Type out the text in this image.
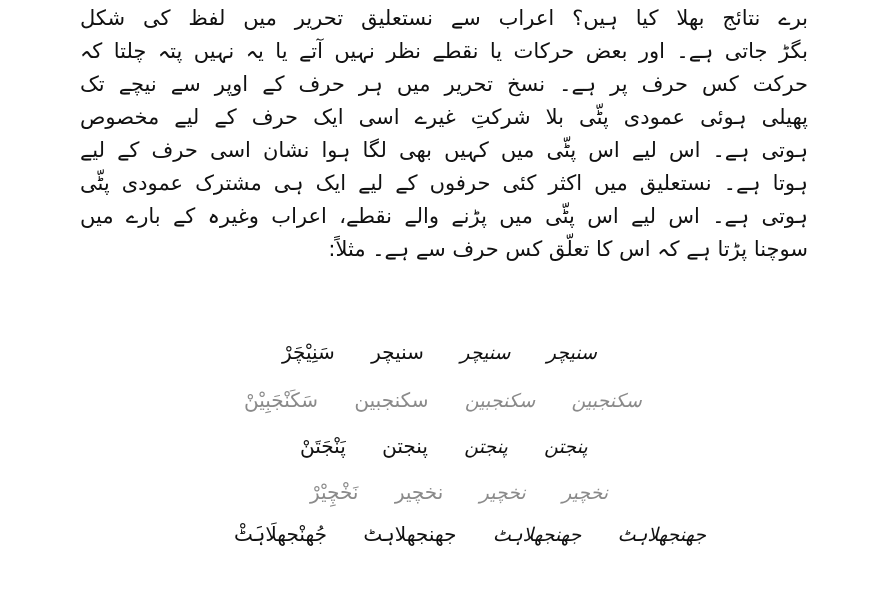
برے نتائج بھلا کیا ہیں؟ اعراب سے نستعلیق تحریر میں لفظ کی شکل
بگڑ جاتی ہے۔ اور بعض حرکات یا نقطے نظر نہیں آتے یا یہ نہیں پتہ چلتا کہ
حرکت کس حرف پر ہے۔ نسخ تحریر میں ہر حرف کے اوپر سے نیچے تک
پھیلی ہوئی عمودی پٹّی بلا شرکتِ غیرے اسی ایک حرف کے لیے مخصوص
ہوتی ہے۔ اس لیے اس پٹّی میں کہیں بھی لگا ہوا نشان اسی حرف کے لیے
ہوتا ہے۔ نستعلیق میں اکثر کئی حرفوں کے لیے ایک ہی مشترک عمودی پٹّی
ہوتی ہے۔ اس لیے اس پٹّی میں پڑنے والے نقطے، اعراب وغیرہ کے بارے میں
سوچنا پڑتا ہے کہ اس کا تعلّق کس حرف سے ہے۔ مثلاً:
سنیچر سنیچر سنیچر سَنِیْچَرْ
سکنجبین سکنجبین سکنجبین سَکَنْجَبِیْنْ
پنجتن پنجتن پنجتن پَنْجَتَنْ
نخچیر نخچیر نخچیر نَخْچِیْرْ
جھنجھلاہٹ جھنجھلاہٹ جھنجھلاہٹ جُھنْجھلَاہَٹْ
